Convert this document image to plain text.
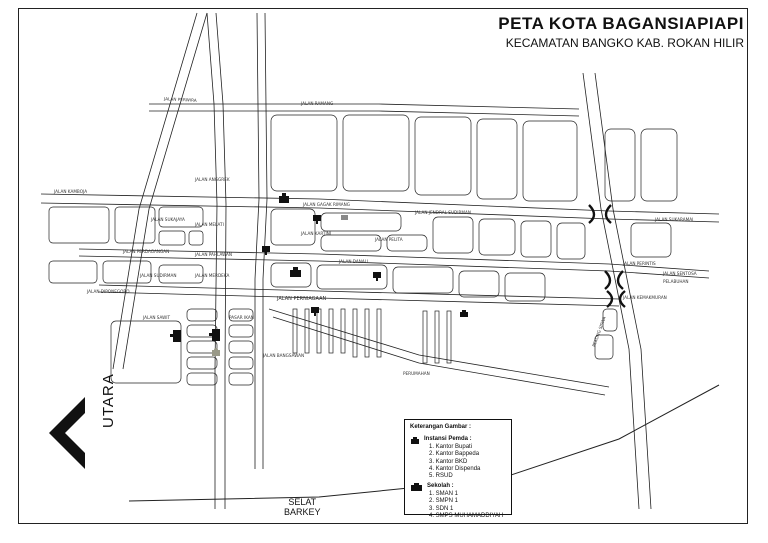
JALAN PERWIRA
JALAN RAMANG
JALAN KAMBOJA
JALAN SUKAJAYA
JALAN MELATI
JALAN PERDAGANGAN
JALAN SUDIRMAN
JALAN PAHLAWAN
JALAN MERDEKA
JALAN PERNIAGAAN
JALAN DIPONEGORO
JALAN JENDRAL SUDIRMAN
JALAN KARTINI
JALAN PELITA
JALAN DANAU
JALAN BANGSAWAN
PASAR IKAN
JALAN SAWIT
JALAN GAGAK RIMANG
PERUMAHAN
JALAN ANGGREK
JALAN PERINTIS
JALAN SUKARAMAI
JALAN KEMAKMURAN
JALAN SENTOSA
PELABUHAN
PEKONG SISWA
PETA KOTA BAGANSIAPIAPI
KECAMATAN BANGKO KAB. ROKAN HILIR
UTARA
SELAT
BARKEY
Keterangan Gambar :
Instansi Pemda :
1. Kantor Bupati
2. Kantor Bappeda
3. Kantor BKD
4. Kantor Dispenda
5. RSUD
Sekolah :
1. SMAN 1
2. SMPN 1
3. SDN 1
4. SMPS MUHAMADDIYAH
